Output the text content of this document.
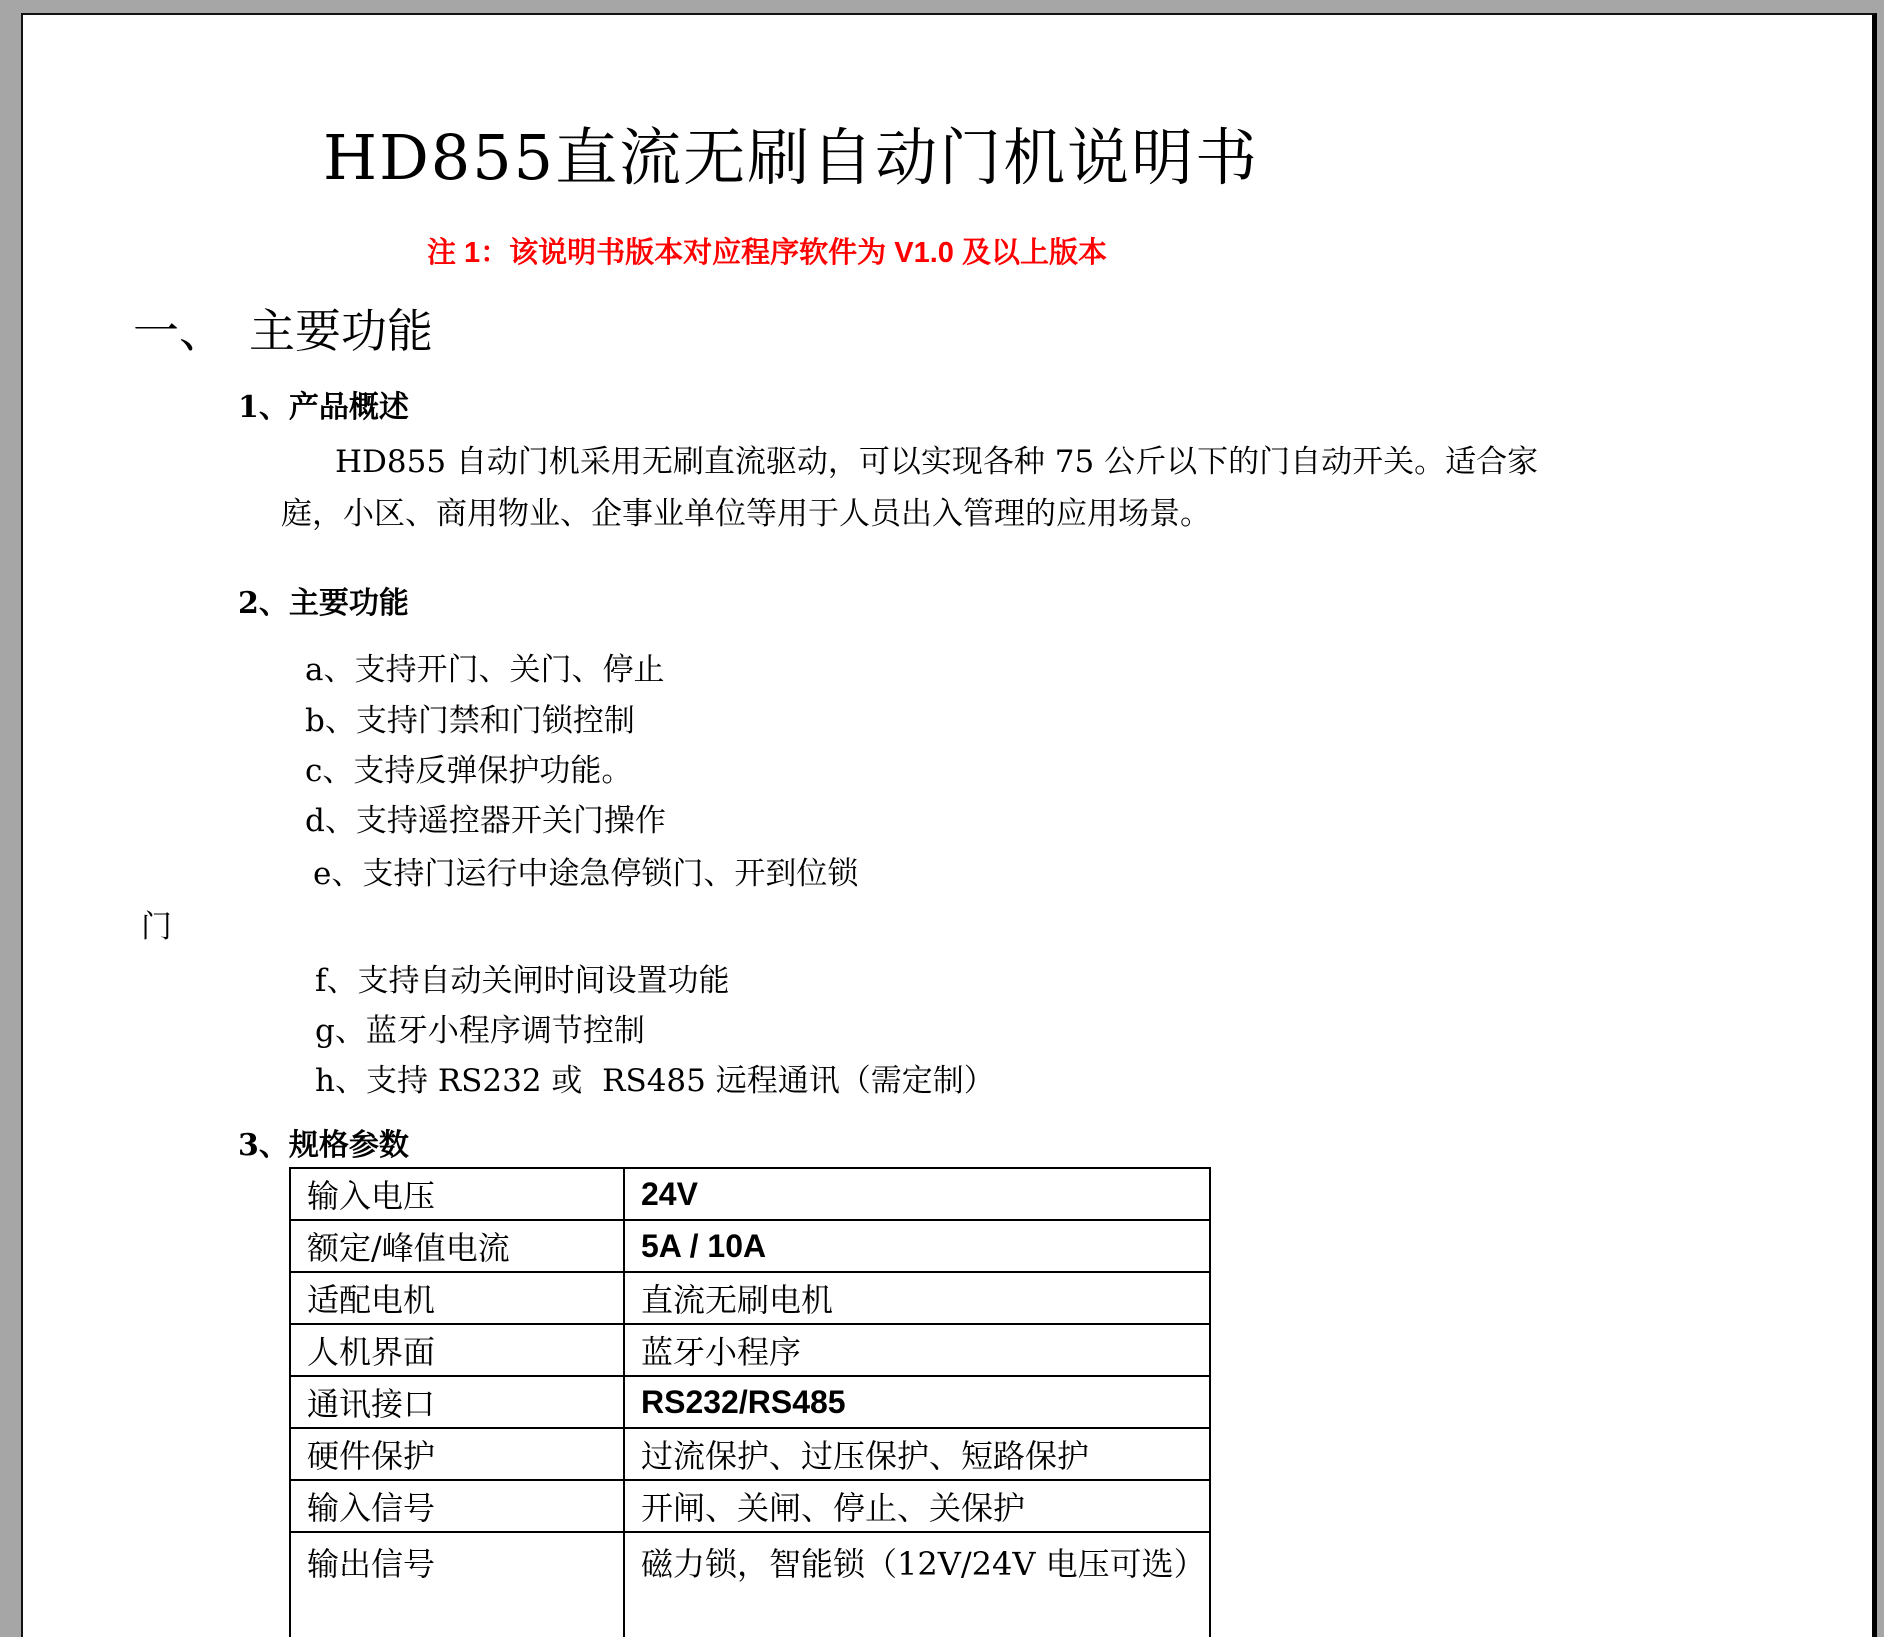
HD855直流无刷自动门机说明书
注 1：该说明书版本对应程序软件为 V1.0 及以上版本
一、 主要功能
1、产品概述
HD855 自动门机采用无刷直流驱动，可以实现各种 75 公斤以下的门自动开关。适合家
庭，小区、商用物业、企事业单位等用于人员出入管理的应用场景。
2、主要功能
a、支持开门、关门、停止
b、支持门禁和门锁控制
c、支持反弹保护功能。
d、支持遥控器开关门操作
e、支持门运行中途急停锁门、开到位锁
门
f、支持自动关闸时间设置功能
g、蓝牙小程序调节控制
h、支持 RS232 或  RS485 远程通讯（需定制）
3、规格参数
输入电压	24V
额定/峰值电流	5A / 10A
适配电机	直流无刷电机
人机界面	蓝牙小程序
通讯接口	RS232/RS485
硬件保护	过流保护、过压保护、短路保护
输入信号	开闸、关闸、停止、关保护
输出信号	磁力锁，智能锁（12V/24V 电压可选）
